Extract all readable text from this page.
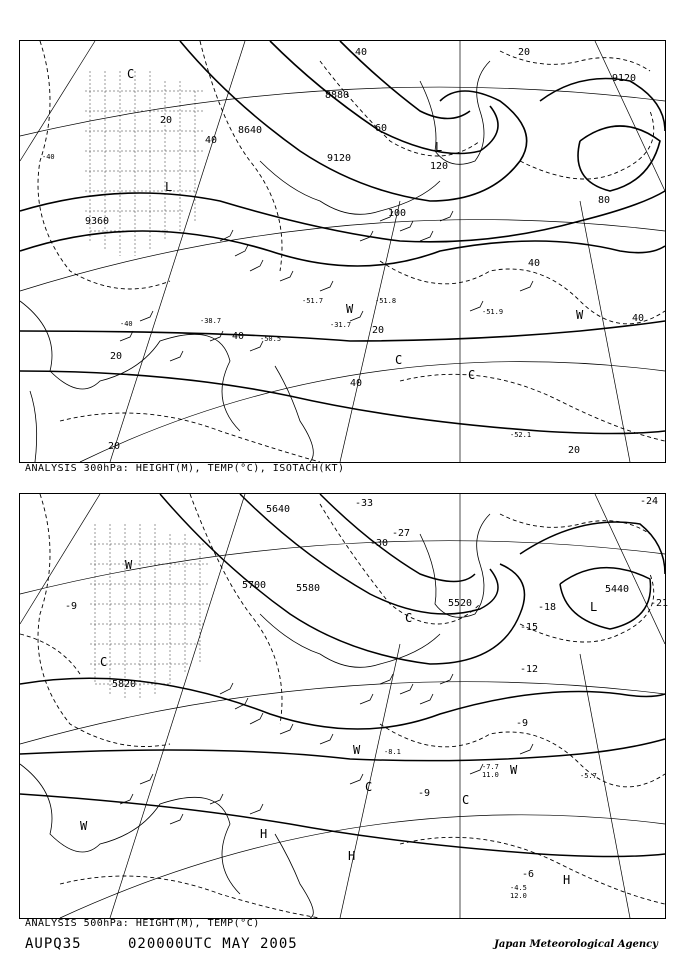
8880
8640
9120
9120
9360
20
40
40	20
60
80
100
120
40
40
20
40
20
20
40
20
-40
-51.8
-51.7
-31.7
-38.7
-50.5
-40
-51.9
-52.1
C
L
W
C
C
L
W
ANALYSIS 300hPa: HEIGHT(M), TEMP(°C), ISOTACH(KT)
5640
5700	5580
5820
5520
5440
-33
-30
-27
-24
-21
-18
-15
-12
-9
-9
-6
-9
-7.7
11.0
-4.5
12.0
-8.1
-5.7
W
C
C
L
W
W
C
C
W
H
H
H
ANALYSIS 500hPa: HEIGHT(M), TEMP(°C)
AUPQ35	020000UTC MAY 2005	Japan Meteorological Agency
